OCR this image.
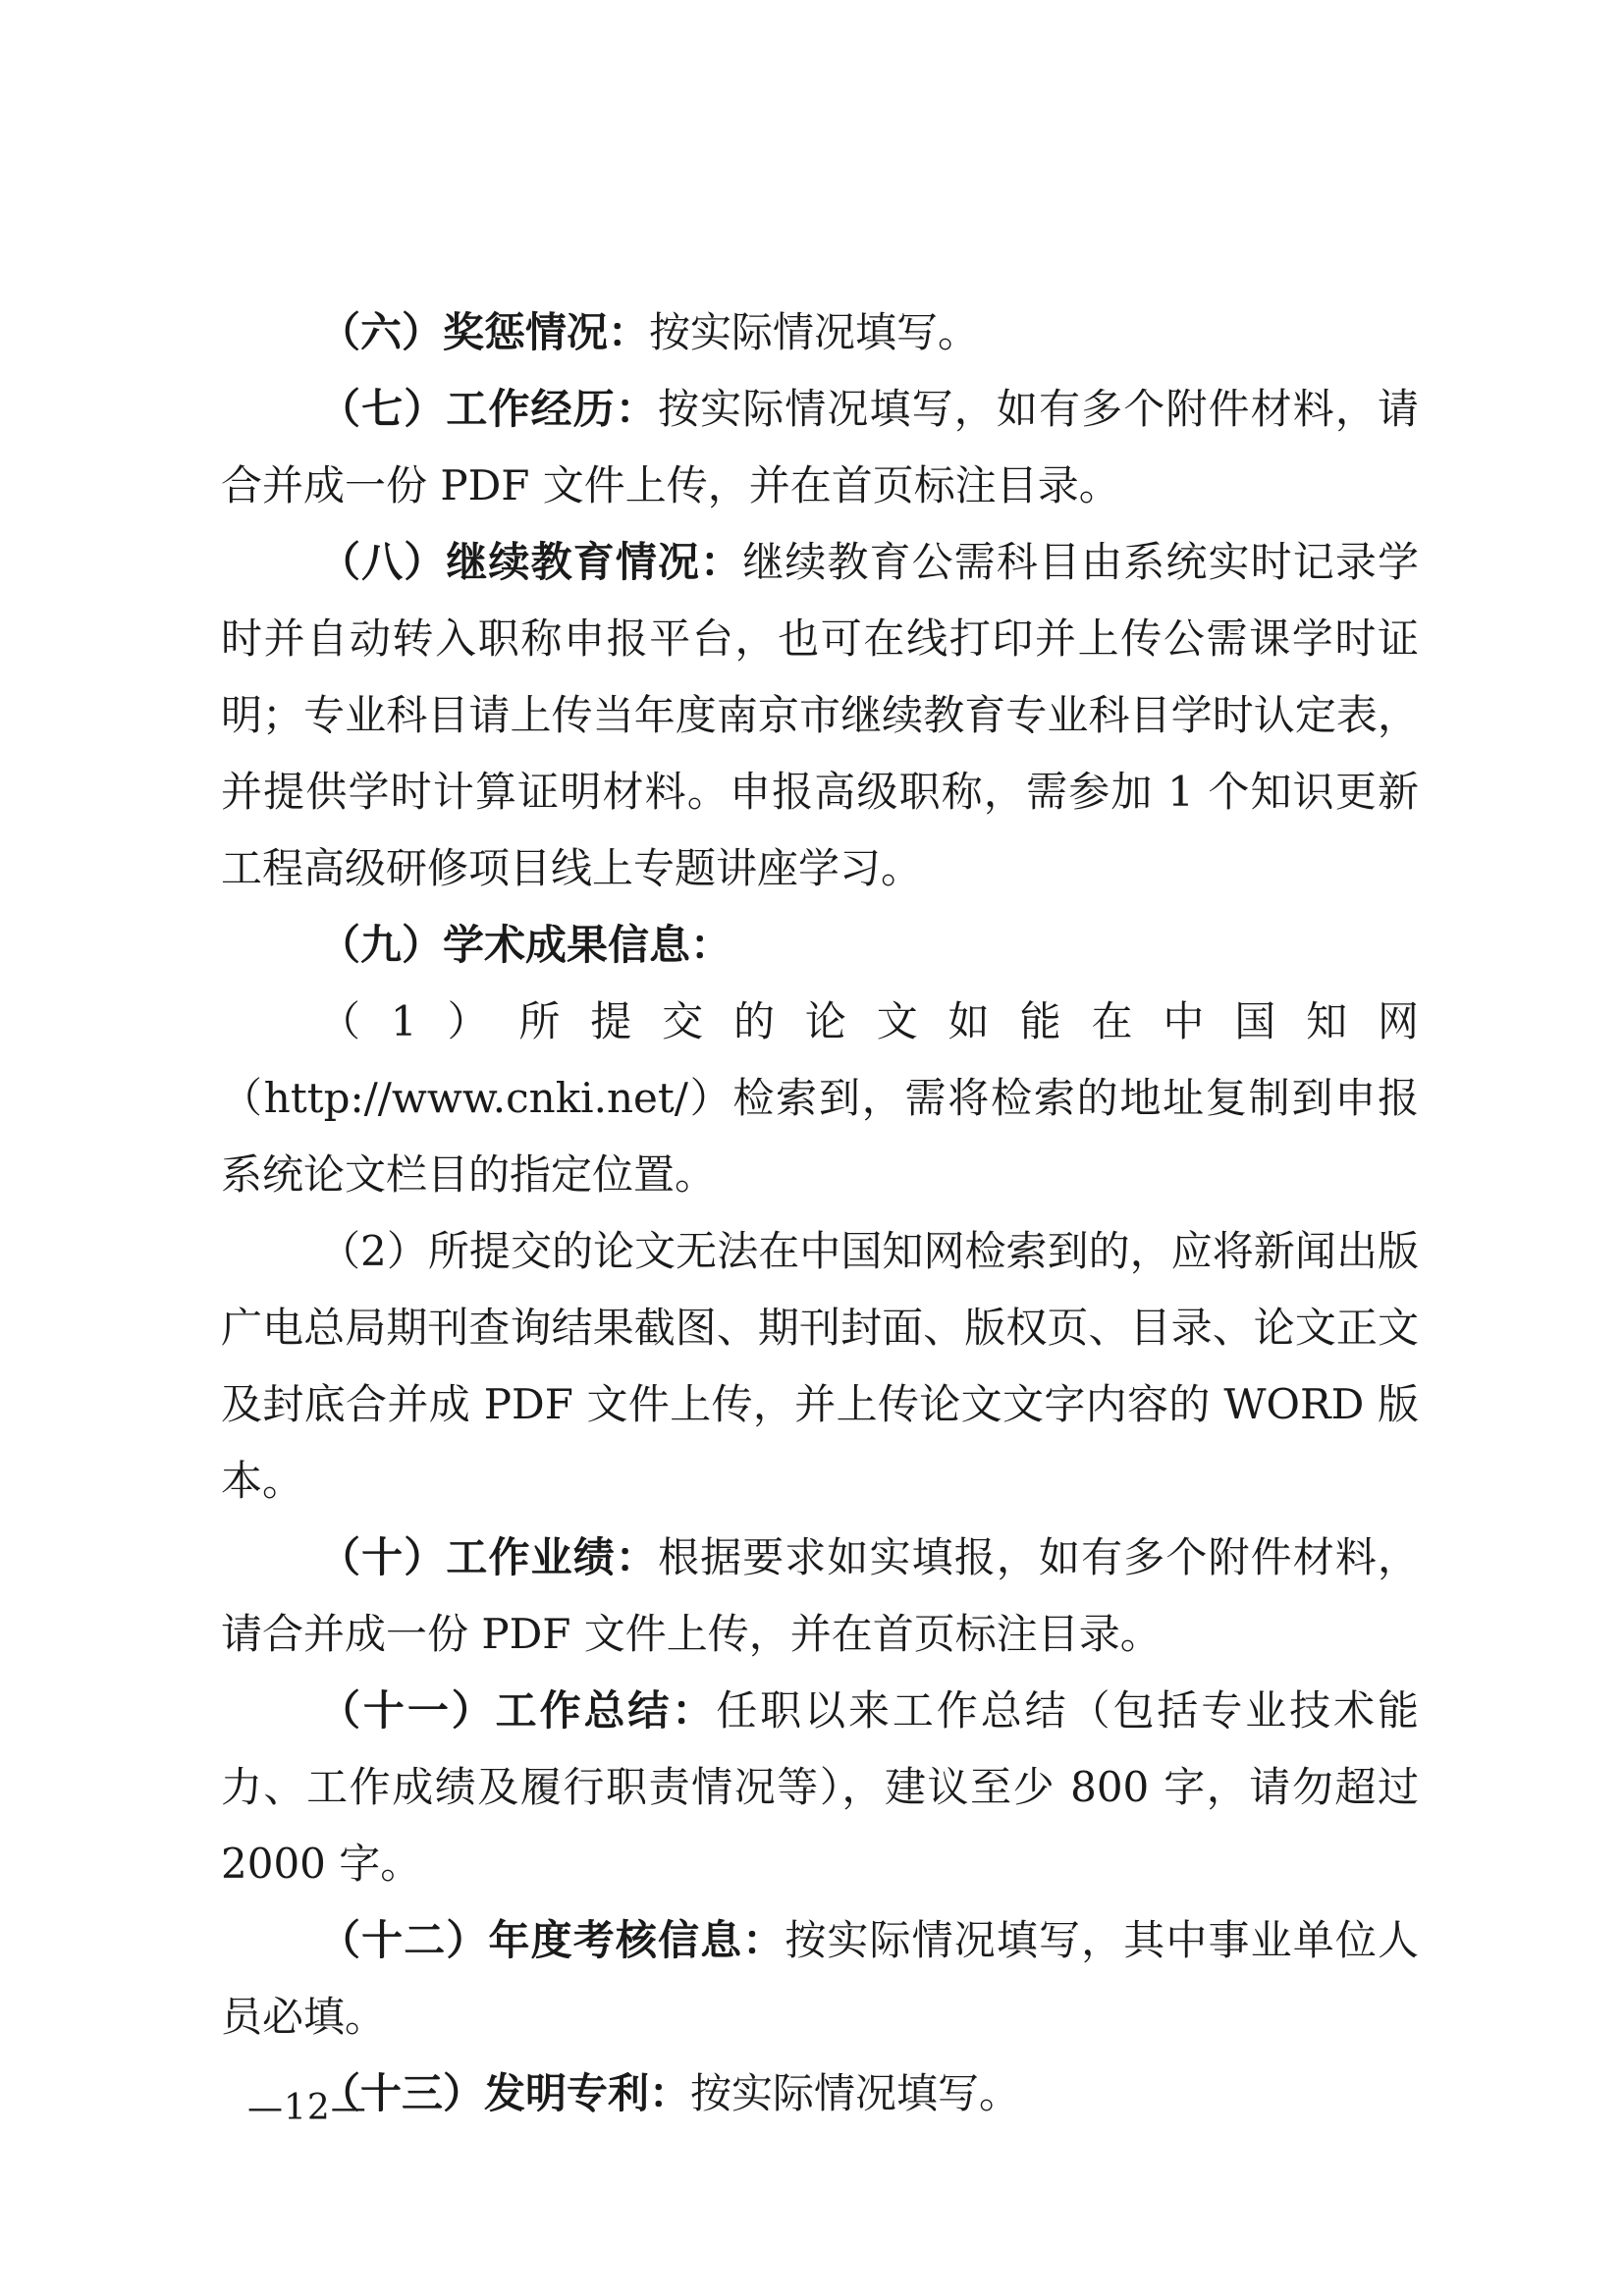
（六）奖惩情况：按实际情况填写。

（七）工作经历：按实际情况填写，如有多个附件材料，请合并成一份 PDF 文件上传，并在首页标注目录。

（八）继续教育情况：继续教育公需科目由系统实时记录学时并自动转入职称申报平台，也可在线打印并上传公需课学时证明；专业科目请上传当年度南京市继续教育专业科目学时认定表，并提供学时计算证明材料。申报高级职称，需参加 1 个知识更新工程高级研修项目线上专题讲座学习。

（九）学术成果信息：

（1）所提交的论文如能在中国知网（http://www.cnki.net/）检索到，需将检索的地址复制到申报系统论文栏目的指定位置。

（2）所提交的论文无法在中国知网检索到的，应将新闻出版广电总局期刊查询结果截图、期刊封面、版权页、目录、论文正文及封底合并成 PDF 文件上传，并上传论文文字内容的 WORD 版本。

（十）工作业绩：根据要求如实填报，如有多个附件材料，请合并成一份 PDF 文件上传，并在首页标注目录。

（十一）工作总结：任职以来工作总结（包括专业技术能力、工作成绩及履行职责情况等），建议至少 800 字，请勿超过 2000 字。

（十二）年度考核信息：按实际情况填写，其中事业单位人员必填。

（十三）发明专利：按实际情况填写。

—12—
